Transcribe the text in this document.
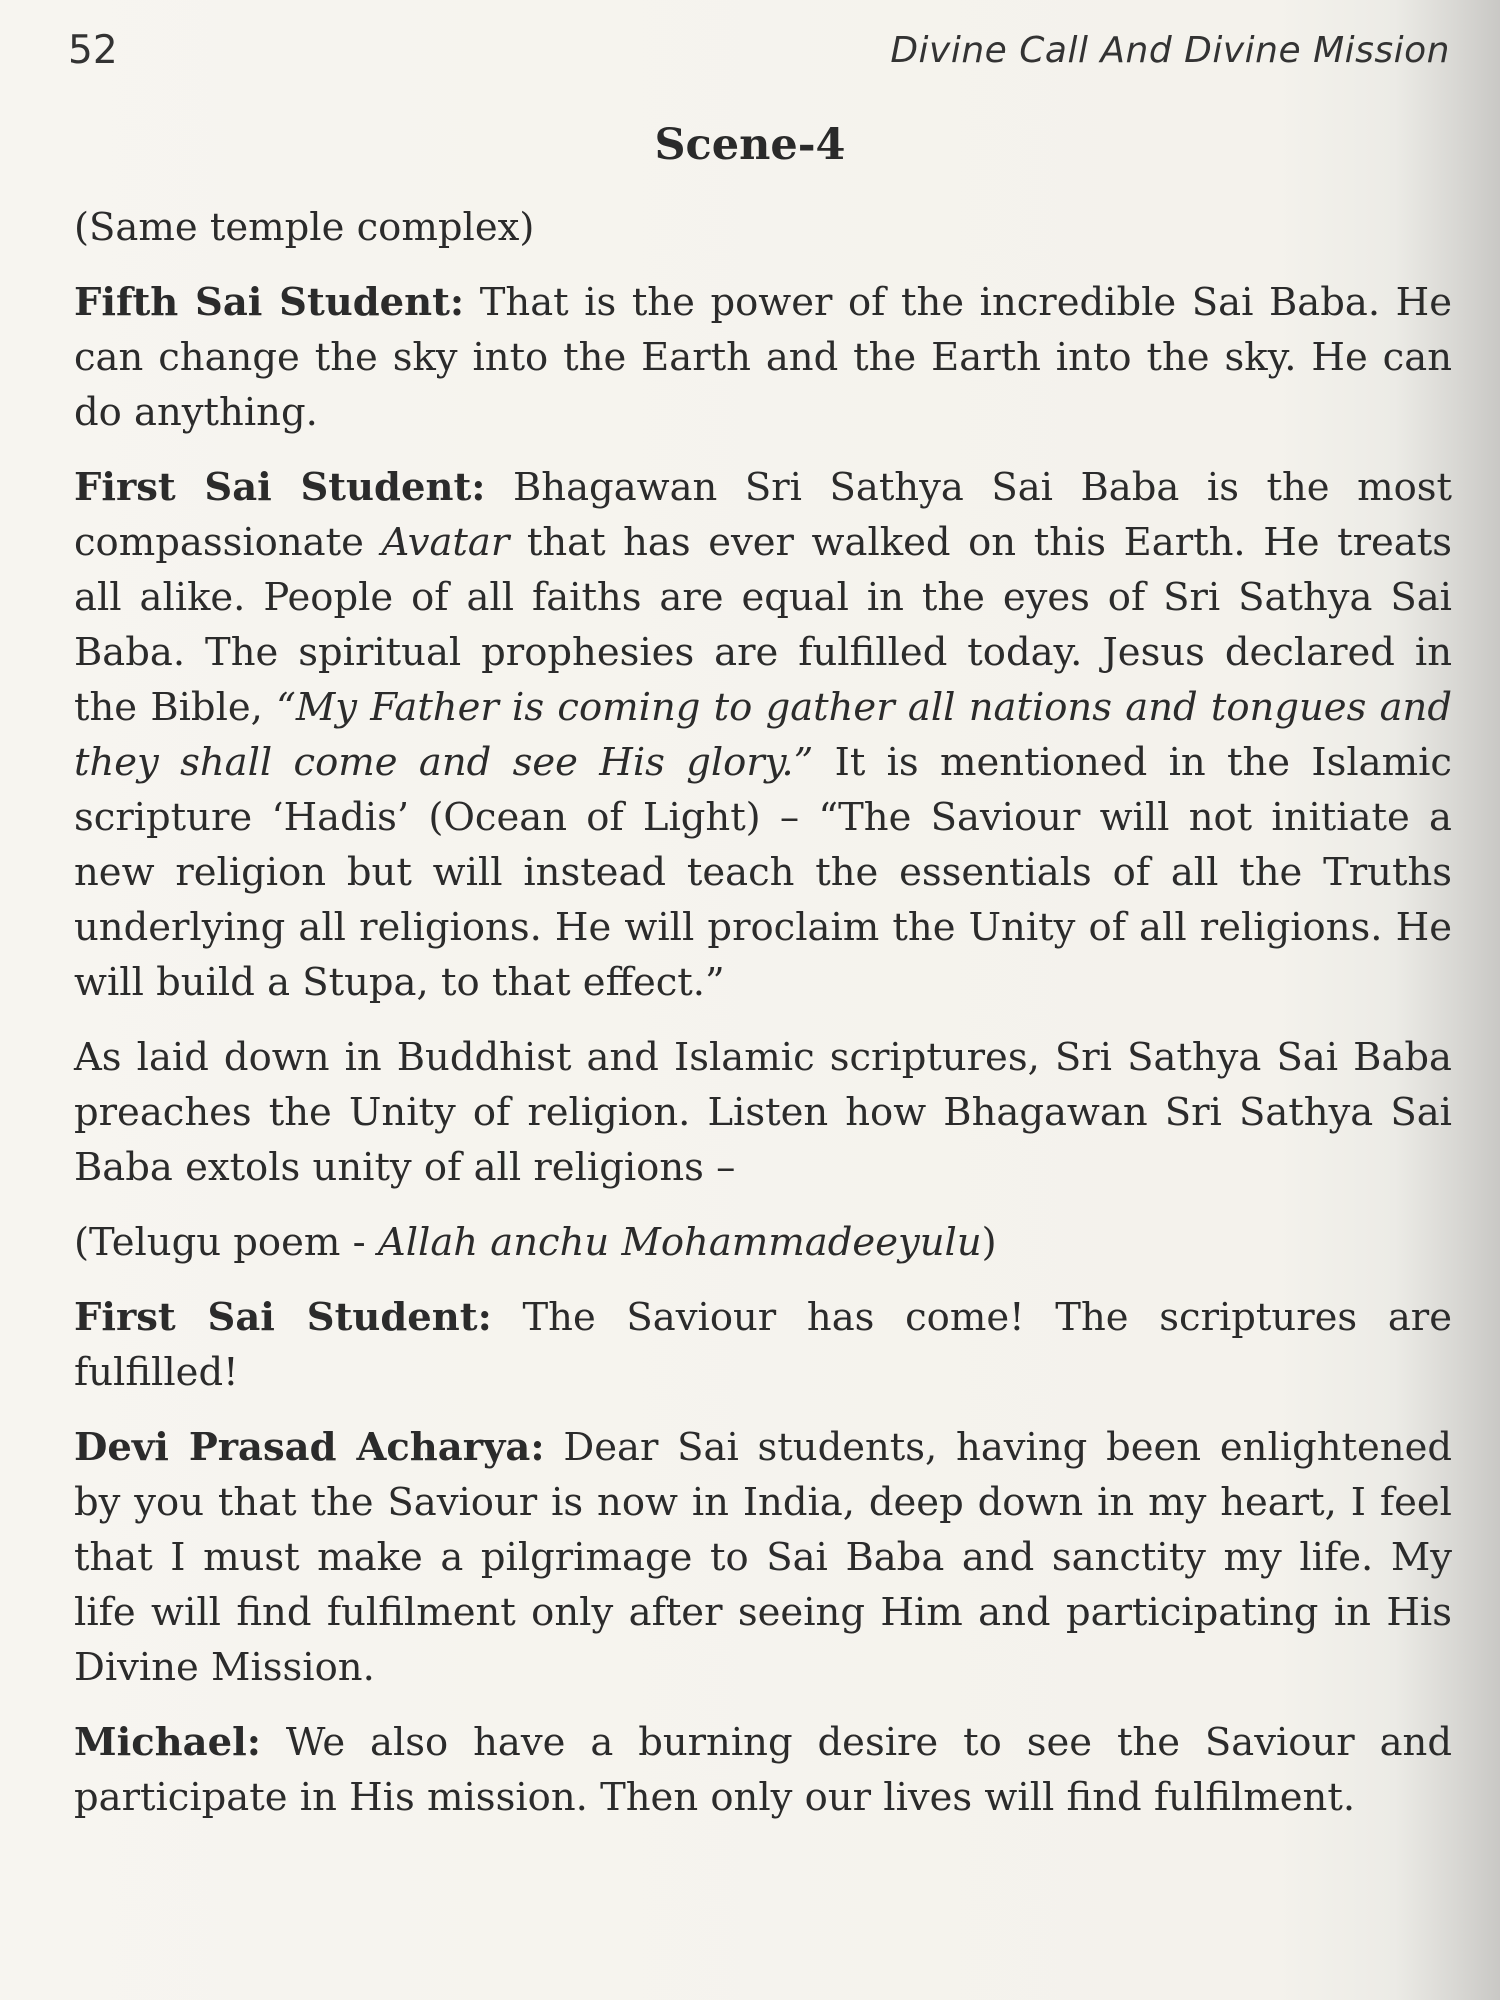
52	Divine Call And Divine Mission
Scene-4

(Same temple complex)

Fifth Sai Student: That is the power of the incredible Sai Baba. He can change the sky into the Earth and the Earth into the sky. He can do anything.

First Sai Student: Bhagawan Sri Sathya Sai Baba is the most compassionate Avatar that has ever walked on this Earth. He treats all alike. People of all faiths are equal in the eyes of Sri Sathya Sai Baba. The spiritual prophesies are fulfilled today. Jesus declared in the Bible, “My Father is coming to gather all nations and tongues and they shall come and see His glory.” It is mentioned in the Islamic scripture ‘Hadis’ (Ocean of Light) – “The Saviour will not initiate a new religion but will instead teach the essentials of all the Truths underlying all religions. He will proclaim the Unity of all religions. He will build a Stupa, to that effect.”

As laid down in Buddhist and Islamic scriptures, Sri Sathya Sai Baba preaches the Unity of religion. Listen how Bhagawan Sri Sathya Sai Baba extols unity of all religions –

(Telugu poem - Allah anchu Mohammadeeyulu)

First Sai Student: The Saviour has come! The scriptures are fulfilled!

Devi Prasad Acharya: Dear Sai students, having been enlightened by you that the Saviour is now in India, deep down in my heart, I feel that I must make a pilgrimage to Sai Baba and sanctity my life. My life will find fulfilment only after seeing Him and participating in His Divine Mission.

Michael: We also have a burning desire to see the Saviour and participate in His mission. Then only our lives will find fulfilment.
